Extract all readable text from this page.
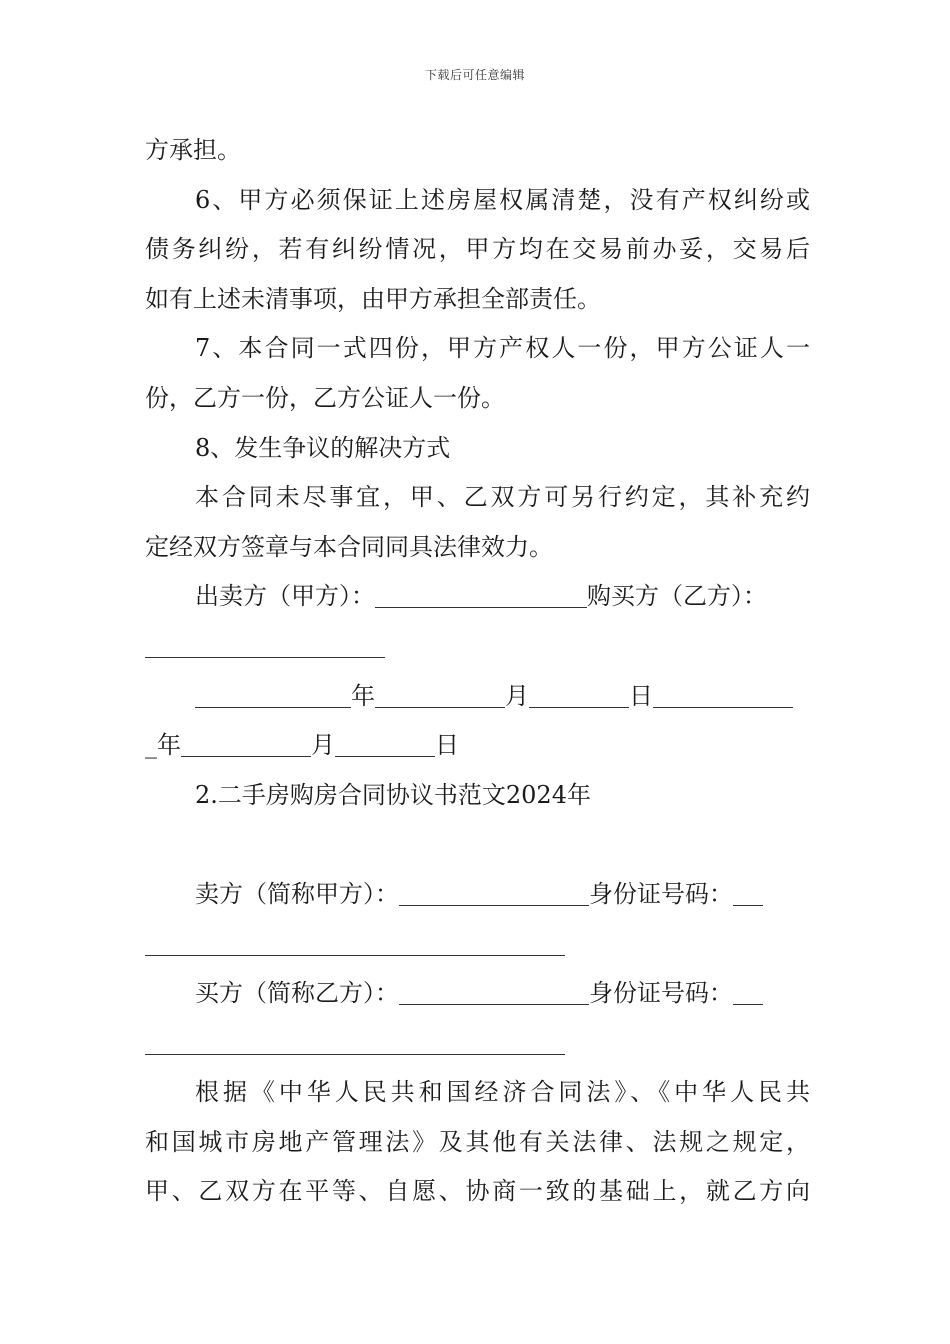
下载后可任意编辑
方承担。
6、甲方必须保证上述房屋权属清楚，没有产权纠纷或
债务纠纷，若有纠纷情况，甲方均在交易前办妥，交易后
如有上述未清事项，由甲方承担全部责任。
7、本合同一式四份，甲方产权人一份，甲方公证人一
份，乙方一份，乙方公证人一份。
8、发生争议的解决方式
本合同未尽事宜，甲、乙双方可另行约定，其补充约
定经双方签章与本合同同具法律效力。
出卖方（甲方）：	购买方（乙方）：
年	月	日
_年	月	日
2.二手房购房合同协议书范文2024年
卖方（简称甲方）：	身份证号码：
买方（简称乙方）：	身份证号码：
根据《中华人民共和国经济合同法》、《中华人民共
和国城市房地产管理法》及其他有关法律、法规之规定，
甲、乙双方在平等、自愿、协商一致的基础上，就乙方向
